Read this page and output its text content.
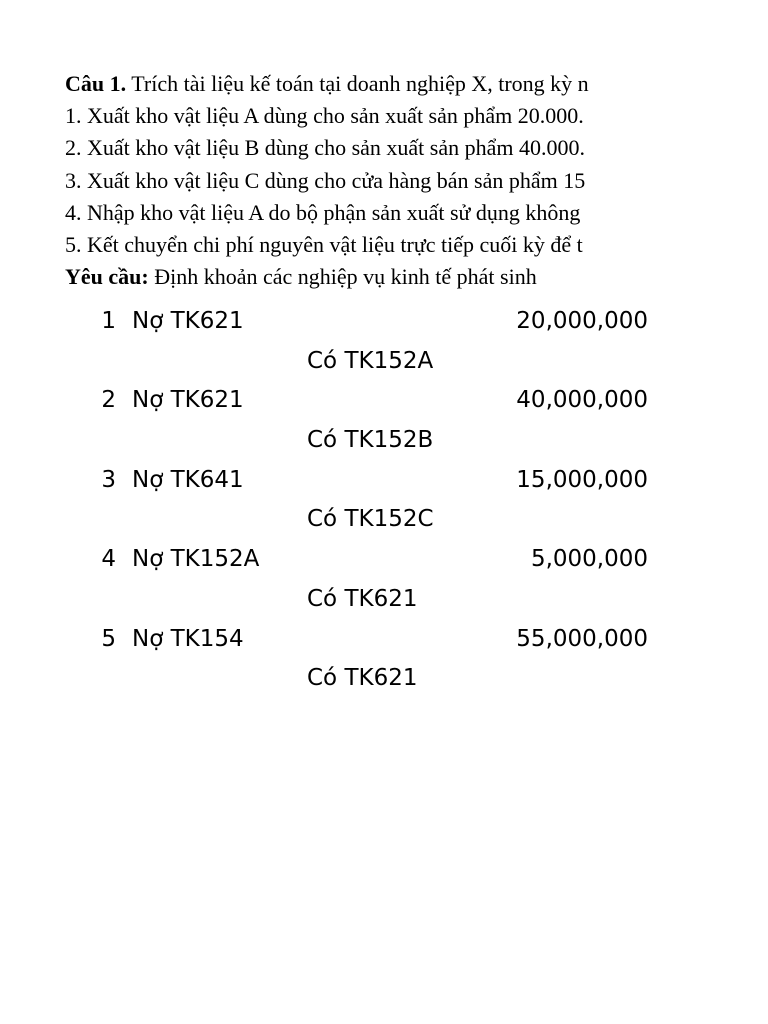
Câu 1. Trích tài liệu kế toán tại doanh nghiệp X, trong kỳ n
1. Xuất kho vật liệu A dùng cho sản xuất sản phẩm 20.000.
2. Xuất kho vật liệu B dùng cho sản xuất sản phẩm 40.000.
3. Xuất kho vật liệu C dùng cho cửa hàng bán sản phẩm 15
4. Nhập kho vật liệu A do bộ phận sản xuất sử dụng không
5. Kết chuyển chi phí nguyên vật liệu trực tiếp cuối kỳ để t
Yêu cầu: Định khoản các nghiệp vụ kinh tế phát sinh
1 Nợ TK621	20,000,000
Có TK152A
2 Nợ TK621	40,000,000
Có TK152B
3 Nợ TK641	15,000,000
Có TK152C
4 Nợ TK152A	5,000,000
Có TK621
5 Nợ TK154	55,000,000
Có TK621
